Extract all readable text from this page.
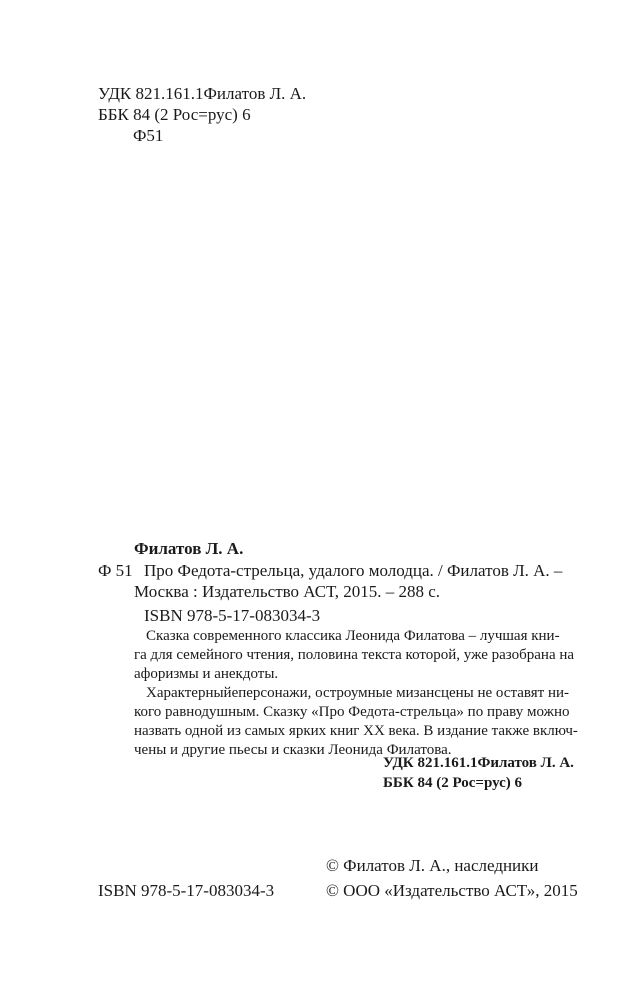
УДК 821.161.1Филатов Л. А.
ББК 84 (2 Рос=рус) 6
Ф51
Филатов Л. А.
Ф 51 Про Федота-стрельца, удалого молодца. / Филатов Л. А. –
Москва : Издательство АСТ, 2015. – 288 с.
ISBN 978-5-17-083034-3
Сказка современного классика Леонида Филатова – лучшая кни-
га для семейного чтения, половина текста которой, уже разобрана на
афоризмы и анекдоты.
Характерныйеперсонажи, остроумные мизансцены не оставят ни-
кого равнодушным. Сказку «Про Федота-стрельца» по праву можно
назвать одной из самых ярких книг XX века. В издание также включ-
чены и другие пьесы и сказки Леонида Филатова.
УДК 821.161.1Филатов Л. А.
ББК 84 (2 Рос=рус) 6
© Филатов Л. А., наследники
ISBN 978-5-17-083034-3	© ООО «Издательство АСТ», 2015
